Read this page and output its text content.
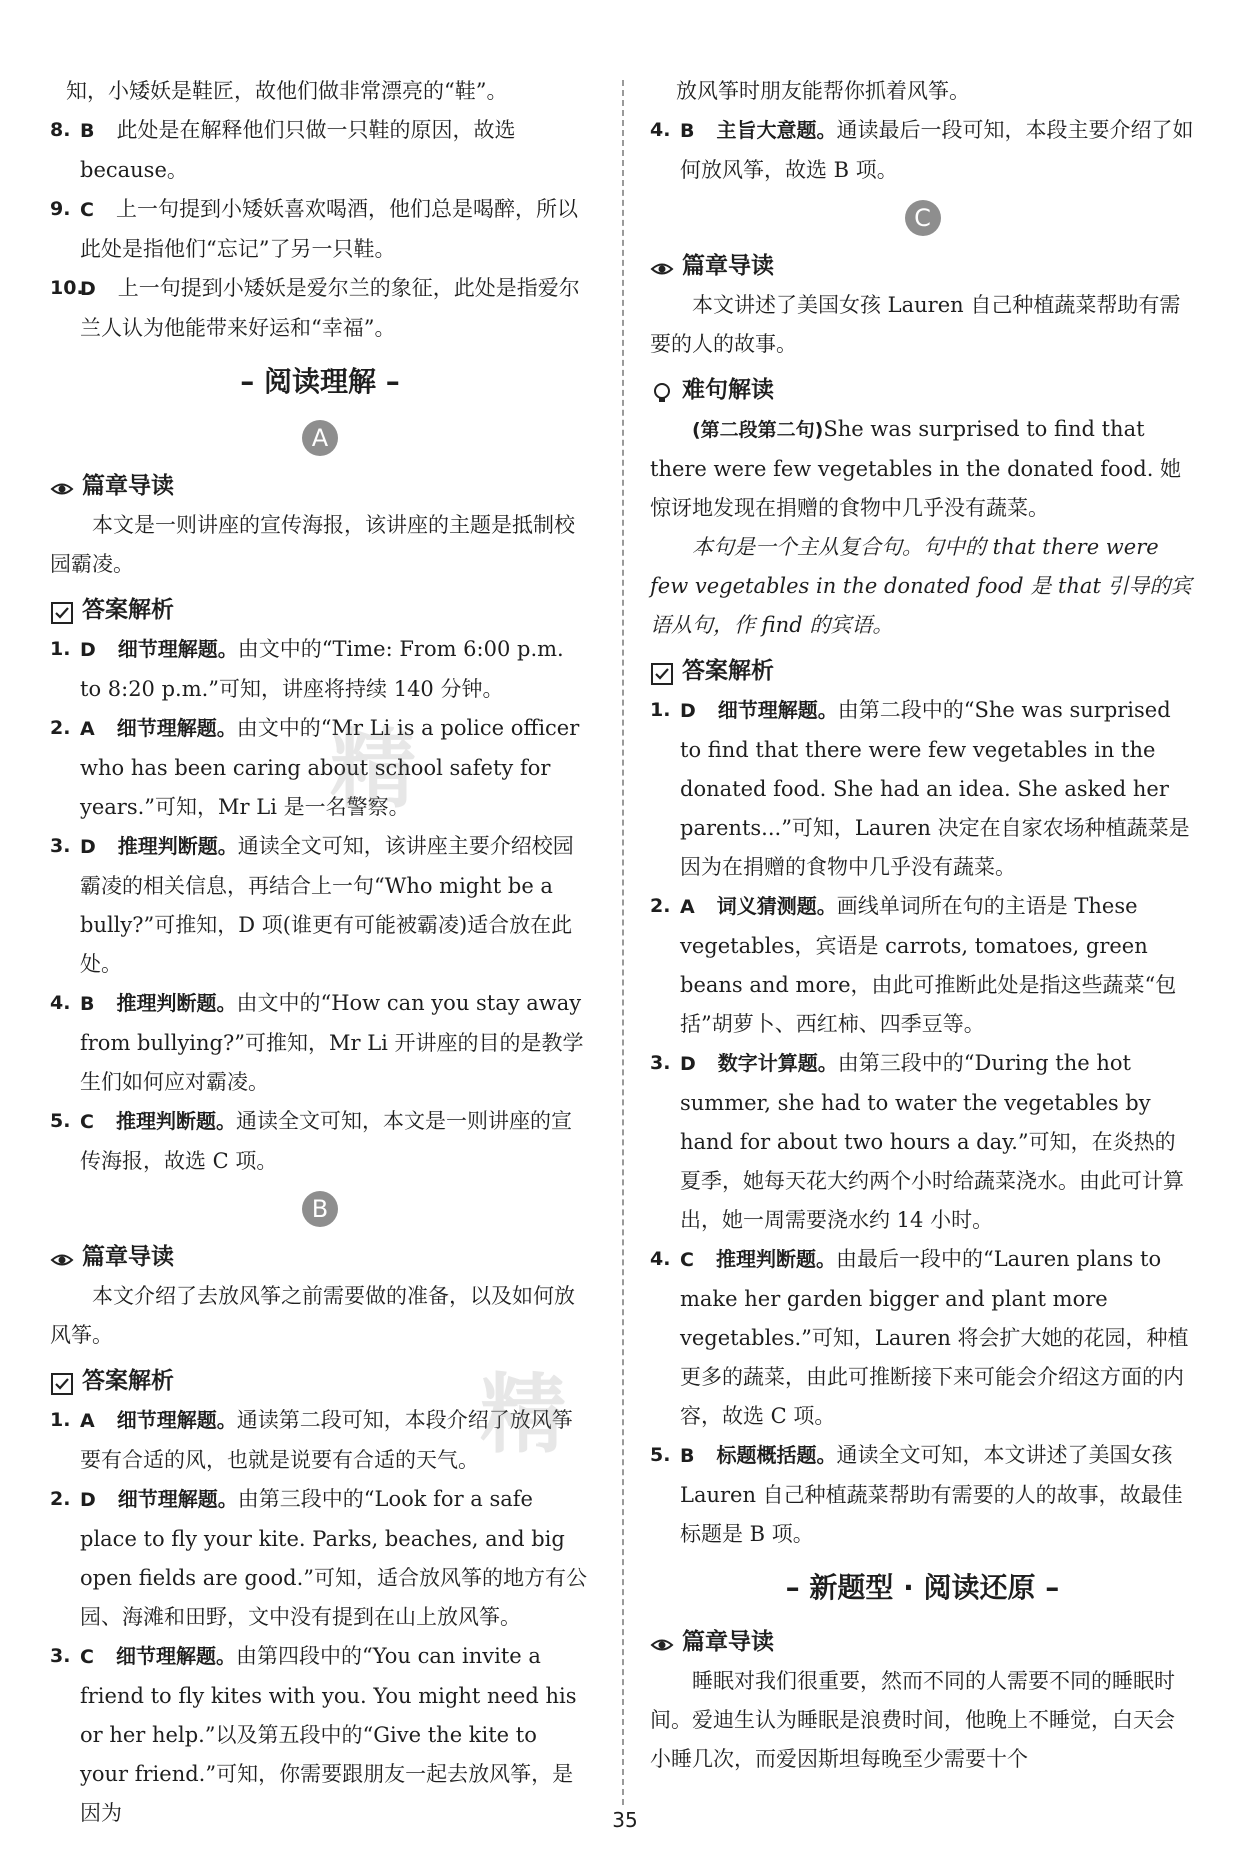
知，小矮妖是鞋匠，故他们做非常漂亮的“鞋”。

8. B 此处是在解释他们只做一只鞋的原因，故选 because。

9. C 上一句提到小矮妖喜欢喝酒，他们总是喝醉，所以此处是指他们“忘记”了另一只鞋。

10.
D 上一句提到小矮妖是爱尔兰的象征，此处是指爱尔兰人认为他能带来好运和“幸福”。

– 阅读理解 –
A
篇章导读

本文是一则讲座的宣传海报，该讲座的主题是抵制校园霸凌。

答案解析

1. D 细节理解题。由文中的“Time: From 6:00 p.m. to 8:20 p.m.”可知，讲座将持续 140 分钟。

2. A 细节理解题。由文中的“Mr Li is a police officer who has been caring about school safety for years.”可知，Mr Li 是一名警察。

3. D 推理判断题。通读全文可知，该讲座主要介绍校园霸凌的相关信息，再结合上一句“Who might be a bully?”可推知，D 项(谁更有可能被霸凌)适合放在此处。

4. B 推理判断题。由文中的“How can you stay away from bullying?”可推知，Mr Li 开讲座的目的是教学生们如何应对霸凌。

5. C 推理判断题。通读全文可知，本文是一则讲座的宣传海报，故选 C 项。

B
篇章导读

本文介绍了去放风筝之前需要做的准备，以及如何放风筝。

答案解析

1. A 细节理解题。通读第二段可知，本段介绍了放风筝要有合适的风，也就是说要有合适的天气。

2. D 细节理解题。由第三段中的“Look for a safe place to fly your kite. Parks, beaches, and big open fields are good.”可知，适合放风筝的地方有公园、海滩和田野，文中没有提到在山上放风筝。

3. C 细节理解题。由第四段中的“You can invite a friend to fly kites with you. You might need his or her help.”以及第五段中的“Give the kite to your friend.”可知，你需要跟朋友一起去放风筝，是因为

放风筝时朋友能帮你抓着风筝。

4. B 主旨大意题。通读最后一段可知，本段主要介绍了如何放风筝，故选 B 项。

C
篇章导读

本文讲述了美国女孩 Lauren 自己种植蔬菜帮助有需要的人的故事。

难句解读

(第二段第二句)She was surprised to find that there were few vegetables in the donated food. 她惊讶地发现在捐赠的食物中几乎没有蔬菜。

本句是一个主从复合句。句中的 that there were few vegetables in the donated food 是 that 引导的宾语从句，作 find 的宾语。

答案解析

1. D 细节理解题。由第二段中的“She was surprised to find that there were few vegetables in the donated food. She had an idea. She asked her parents...”可知，Lauren 决定在自家农场种植蔬菜是因为在捐赠的食物中几乎没有蔬菜。

2. A 词义猜测题。画线单词所在句的主语是 These vegetables，宾语是 carrots, tomatoes, green beans and more，由此可推断此处是指这些蔬菜“包括”胡萝卜、西红柿、四季豆等。

3. D 数字计算题。由第三段中的“During the hot summer, she had to water the vegetables by hand for about two hours a day.”可知，在炎热的夏季，她每天花大约两个小时给蔬菜浇水。由此可计算出，她一周需要浇水约 14 小时。

4. C 推理判断题。由最后一段中的“Lauren plans to make her garden bigger and plant more vegetables.”可知，Lauren 将会扩大她的花园，种植更多的蔬菜，由此可推断接下来可能会介绍这方面的内容，故选 C 项。

5. B 标题概括题。通读全文可知，本文讲述了美国女孩 Lauren 自己种植蔬菜帮助有需要的人的故事，故最佳标题是 B 项。

– 新题型 · 阅读还原 –
篇章导读

睡眠对我们很重要，然而不同的人需要不同的睡眠时间。爱迪生认为睡眠是浪费时间，他晚上不睡觉，白天会小睡几次，而爱因斯坦每晚至少需要十个

精
精
35
